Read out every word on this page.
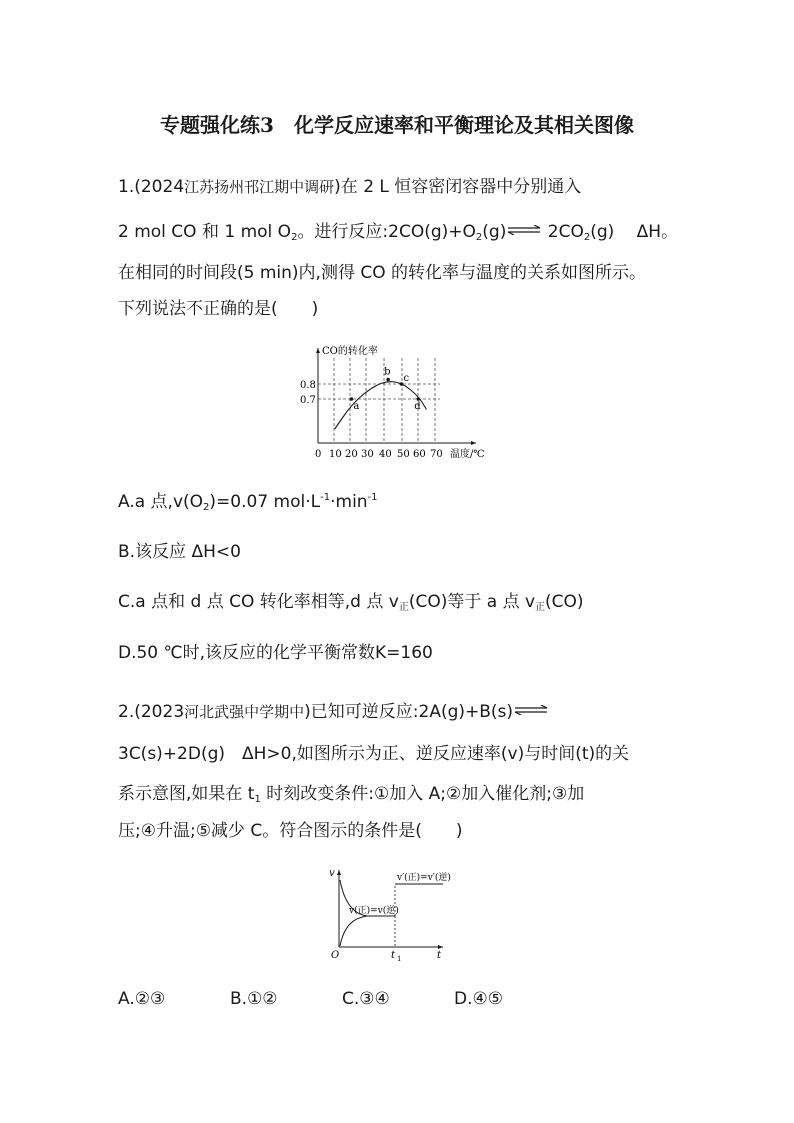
专题强化练3　化学反应速率和平衡理论及其相关图像
1.(2024江苏扬州邗江期中调研)在 2 L 恒容密闭容器中分别通入
2 mol CO 和 1 mol $O_2$。进行反应$:2CO(g)+O_2(g)\rightleftharpoons$ $2CO_2(g)$　 ΔH。
在相同的时间段(5 min)内,测得 CO 的转化率与温度的关系如图所示。
下列说法不正确的是(　　)
a
b
c
d
CO的转化率
0.8
0.7
0 10 20 30 40 50 60 70 温度/℃
A.a 点$,v(O_2)=0.07$ $mol\cdot L^{-1}\cdot\min^{-1}$
B.该反应 ΔH<0
C.a 点和 d 点 CO 转化率相等,d 点 $v_正(CO)$等于 a 点 $v_正(CO)$
D.50 ℃时,该反应的化学平衡常数K=160
2.(2023河北武强中学期中)已知可逆反应:2A(g)+B(s)⇌
3C(s)+2D(g)　ΔH>0,如图所示为正、逆反应速率(v)与时间(t)的关
系示意图,如果在 $t_1$ 时刻改变条件:①加入 A;②加入催化剂;③加
压;④升温;⑤减少 C。符合图示的条件是(　　)
v
O	t
t 1
v(正)=v(逆)
v′(正)=v′(逆)
A.②③	B.①②	C.③④	D.④⑤
